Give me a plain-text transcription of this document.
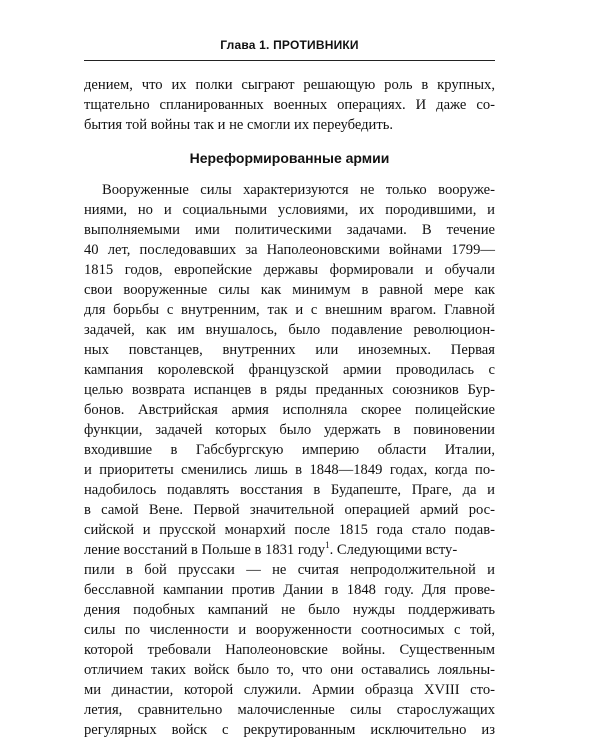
Глава 1. ПРОТИВНИКИ
дением, что их полки сыграют решающую роль в крупных,
тщательно спланированных военных операциях. И даже со-
бытия той войны так и не смогли их переубедить.
Нереформированные армии
Вооруженные силы характеризуются не только вооруже-
ниями, но и социальными условиями, их породившими, и
выполняемыми ими политическими задачами. В течение
40 лет, последовавших за Наполеоновскими войнами 1799—
1815 годов, европейские державы формировали и обучали
свои вооруженные силы как минимум в равной мере как
для борьбы с внутренним, так и с внешним врагом. Главной
задачей, как им внушалось, было подавление революцион-
ных повстанцев, внутренних или иноземных. Первая
кампания королевской французской армии проводилась с
целью возврата испанцев в ряды преданных союзников Бур-
бонов. Австрийская армия исполняла скорее полицейские
функции, задачей которых было удержать в повиновении
входившие в Габсбургскую империю области Италии,
и приоритеты сменились лишь в 1848—1849 годах, когда по-
надобилось подавлять восстания в Будапеште, Праге, да и
в самой Вене. Первой значительной операцией армий рос-
сийской и прусской монархий после 1815 года стало подав-
ление восстаний в Польше в 1831 году$^1$. Следующими всту-
пили в бой пруссаки — не считая непродолжительной и
бесславной кампании против Дании в 1848 году. Для прове-
дения подобных кампаний не было нужды поддерживать
силы по численности и вооруженности соотносимых с той,
которой требовали Наполеоновские войны. Существенным
отличием таких войск было то, что они оставались лояльны-
ми династии, которой служили. Армии образца XVIII сто-
летия, сравнительно малочисленные силы старослужащих
регулярных войск с рекрутированным исключительно из
